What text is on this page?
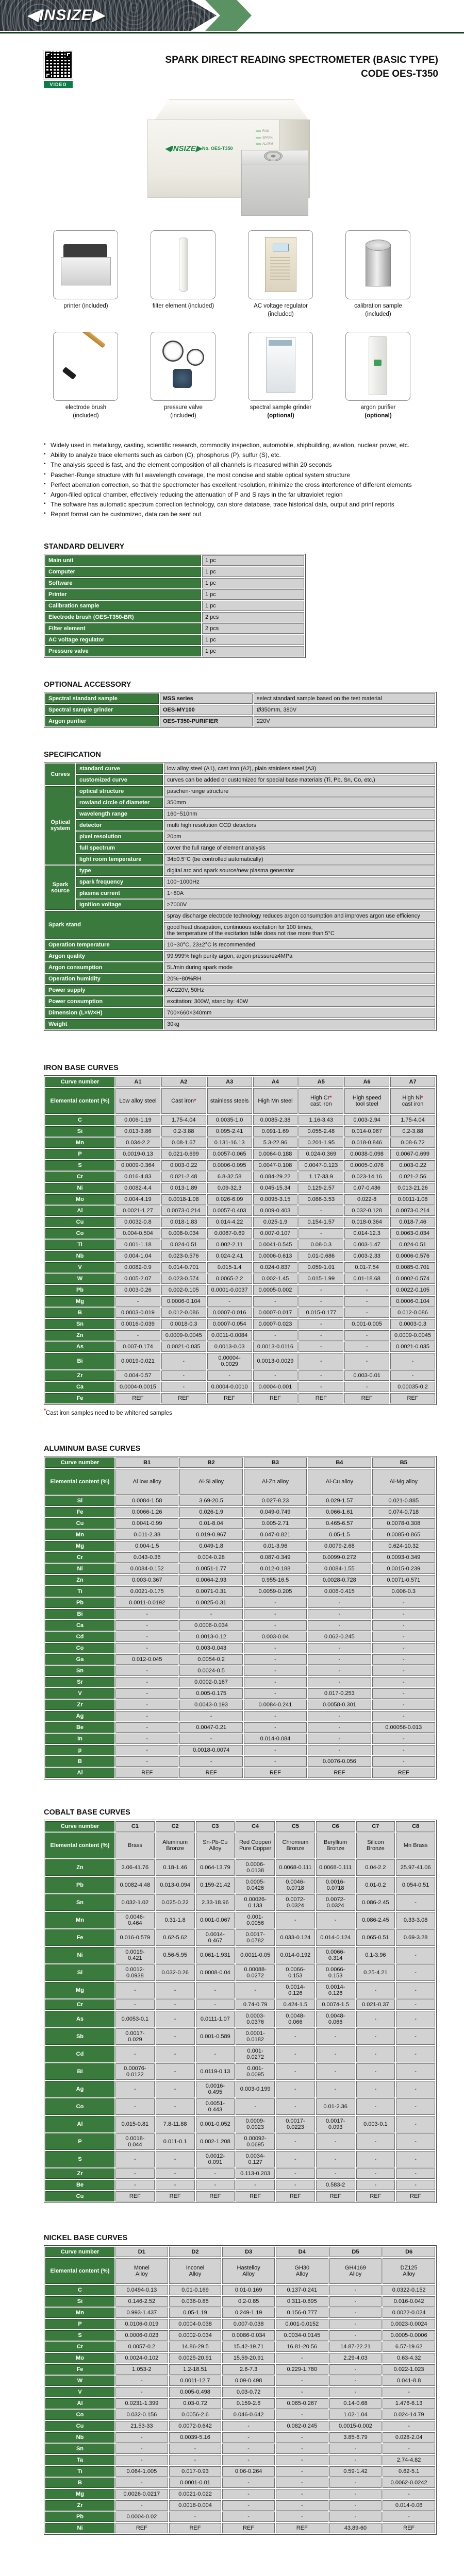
◀INSIZE▶
VIDEO
SPARK DIRECT READING SPECTROMETER (BASIC TYPE)
CODE OES-T350
RUN
SPARK
ALARM
◀INSIZE▶ No. OES-T350
printer (included)	filter element (included)	AC voltage regulator
(included)
calibration sample
(included)
electrode brush (included)
pressure valve (included)
spectral sample grinder
(optional)
argon purifier
(optional)
▪ Widely used in metallurgy, casting, scientific research, commodity inspection, automobile, shipbuilding, aviation, nuclear power, etc.
▪ Ability to analyze trace elements such as carbon (C), phosphorus (P), sulfur (S), etc.
▪ The analysis speed is fast, and the element composition of all channels is measured within 20 seconds
▪ Paschen-Runge structure with full wavelength coverage, the most concise and stable optical system structure
▪ Perfect aberration correction, so that the spectrometer has excellent resolution, minimize the cross interference of different elements
▪ Argon-filled optical chamber, effectively reducing the attenuation of P and S rays in the far ultraviolet region
▪ The software has automatic spectrum correction technology, can store database, trace historical data, output and print reports
▪ Report format can be customized, data can be sent out
STANDARD DELIVERY
Main unit	1 pc
Computer	1 pc
Software	1 pc
Printer	1 pc
Calibration sample	1 pc
Electrode brush (OES-T350-BR)	2 pcs
Filter element	2 pcs
AC voltage regulator	1 pc
Pressure valve	1 pc
OPTIONAL ACCESSORY
Spectral standard sample	MSS series	select standard sample based on the test material
Spectral sample grinder	OES-MY100	Ø350mm, 380V
Argon purifier	OES-T350-PURIFIER	220V
SPECIFICATION
Curves	standard curve	low alloy steel (A1), cast iron (A2), plain stainless steel (A3)
	customized curve	curves can be added or customized for special base materials (Ti, Pb, Sn, Co, etc.)
Optical system	optical structure	paschen-runge structure
	rowland circle of diameter	350mm
	wavelength range	160~510nm
	detector	multi high resolution CCD detectors
	pixel resolution	20pm
	full spectrum	cover the full range of element analysis
	light room temperature	34±0.5°C (be controlled automatically)
Spark source	type	digital arc and spark source/new plasma generator
	spark frequency	100~1000Hz
	plasma current	1~80A
	Ignition voltage	>7000V
Spark stand		spray discharge electrode technology reduces argon consumption and improves argon use efficiency
		good heat dissipation, continuous excitation for 100 times,
the temperature of the excitation table does not rise more than 5°C
Operation temperature		10~30°C, 23±2°C is recommended
Argon quality		99.999% high purity argon, argon pressure≥4MPa
Argon consumption		5L/min during spark mode
Operation humidity		20%~80%RH
Power supply		AC220V, 50Hz
Power consumption		excitation: 300W, stand by: 40W
Dimension (L×W×H)		700×660×340mm
Weight		30kg
IRON BASE CURVES
Curve number	A1	A2	A3	A4	A5	A6	A7
Elemental content (%)	Low alloy steel	Cast iron*	stainless steels	High Mn steel	High Cr*
cast iron	High speed
tool steel	High Ni*
cast iron
C	0.006-1.19	1.75-4.04	0.0035-1.0	0.0085-2.38	1.16-3.43	0.003-2.94	1.75-4.04
Si	0.013-3.86	0.2-3.88	0.095-2.41	0.091-1.69	0.055-2.48	0.014-0.967	0.2-3.88
Mn	0.034-2.2	0.08-1.67	0.131-16.13	5.3-22.96	0.201-1.95	0.018-0.846	0.08-6.72
P	0.0019-0.13	0.021-0.699	0.0057-0.065	0.0064-0.188	0.024-0.369	0.0038-0.098	0.0067-0.699
S	0.0009-0.364	0.003-0.22	0.0006-0.095	0.0047-0.108	0.0047-0.123	0.0005-0.076	0.003-0.22
Cr	0.016-4.83	0.021-2.48	6.8-32.58	0.084-29.22	1.17-33.9	0.023-14.16	0.021-2.56
Ni	0.0082-4.4	0.013-1.89	0.09-32.3	0.045-15.34	0.129-2.57	0.07-0.436	0.013-21.26
Mo	0.004-4.19	0.0018-1.08	0.026-6.09	0.0095-3.15	0.086-3.53	0.022-8	0.0011-1.08
Al	0.0021-1.27	0.0073-0.214	0.0057-0.403	0.009-0.403	-	0.032-0.128	0.0073-0.214
Cu	0.0032-0.8	0.018-1.83	0.014-4.22	0.025-1.9	0.154-1.57	0.018-0.364	0.018-7.46
Co	0.004-0.504	0.008-0.034	0.0067-0.69	0.007-0.107	-	0.014-12.3	0.0063-0.034
Ti	0.001-1.18	0.024-0.51	0.002-2.11	0.0041-0.545	0.08-0.3	0.003-1.47	0.024-0.51
Nb	0.004-1.04	0.023-0.576	0.024-2.41	0.0006-0.613	0.01-0.686	0.003-2.33	0.0006-0.576
V	0.0082-0.9	0.014-0.701	0.015-1.4	0.024-0.837	0.059-1.01	0.01-7.54	0.0085-0.701
W	0.005-2.07	0.023-0.574	0.0065-2.2	0.002-1.45	0.015-1.99	0.01-18.68	0.0002-0.574
Pb	0.003-0.26	0.002-0.105	0.0001-0.0037	0.0005-0.002	-	-	0.0022-0.105
Mg	-	0.0006-0.104	-	-	-	-	0.0006-0.104
B	0.0003-0.019	0.012-0.086	0.0007-0.016	0.0007-0.017	0.015-0.177	-	0.012-0.086
Sn	0.0016-0.039	0.0018-0.3	0.0007-0.054	0.0007-0.023	-	0.001-0.005	0.0003-0.3
Zn	-	0.0009-0.0045	0.0011-0.0084	-	-	-	0.0009-0.0045
As	0.007-0.174	0.0021-0.035	0.0013-0.03	0.0013-0.0116	-	-	0.0021-0.035
Bi	0.0019-0.021	-	0.00004-0.0029	0.0013-0.0029	-	-	-
Zr	0.004-0.57	-	-	-	-	0.003-0.01	-
Ca	0.0004-0.0015	-	0.0004-0.0010	0.0004-0.001	-	-	0.00035-0.2
Fe	REF	REF	REF	REF	REF	REF	REF
*Cast iron samples need to be whitened samples
ALUMINUM BASE CURVES
Curve number	B1	B2	B3	B4	B5
Elemental content (%)	Al low alloy	Al-Si alloy	Al-Zn alloy	Al-Cu alloy	Al-Mg alloy
Si	0.0084-1.58	3.69-20.5	0.027-8.23	0.029-1.57	0.021-0.885
Fe	0.0066-1.26	0.026-1.9	0.049-0.749	0.066-1.61	0.074-0.718
Cu	0.0041-0.99	0.01-8.04	0.005-2.71	0.465-6.57	0.0078-0.308
Mn	0.011-2.38	0.019-0.967	0.047-0.821	0.05-1.5	0.0085-0.865
Mg	0.004-1.5	0.049-1.8	0.01-3.96	0.0079-2.68	0.624-10.32
Cr	0.043-0.36	0.004-0.28	0.087-0.349	0.0099-0.272	0.0093-0.349
Ni	0.0084-0.152	0.0051-1.77	0.012-0.188	0.0084-1.55	0.0015-0.239
Zn	0.003-0.367	0.0064-2.93	0.955-16.5	0.0028-0.728	0.0071-0.571
Ti	0.0021-0.175	0.0071-0.31	0.0059-0.205	0.006-0.415	0.006-0.3
Pb	0.0011-0.0192	0.0025-0.31	-	-	-
Bi	-	-	-	-	-
Ca	-	0.0006-0.034	-	-	-
Cd	-	0.0013-0.12	0.003-0.04	0.062-0.245	-
Co	-	0.003-0.043	-	-	-
Ga	0.012-0.045	0.0054-0.2	-	-	-
Sn	-	0.0024-0.5	-	-	-
Sr	-	0.0002-0.167	-	-	-
V	-	0.005-0.175	-	0.017-0.253	-
Zr	-	0.0043-0.193	0.0084-0.241	0.0058-0.301	-
Ag	-	-	-	-	-
Be	-	0.0047-0.21	-	-	0.00056-0.013
In	-	-	0.014-0.084	-	-
p	-	0.0018-0.0074	-	-	-
B	-	-	-	0.0076-0.056	-
Al	REF	REF	REF	REF	REF
COBALT BASE CURVES
Curve number	C1	C2	C3	C4	C5	C6	C7	C8
Elemental content (%)	Brass	Aluminum
Bronze	Sn-Pb-Cu
Alloy	Red Copper/
Pure Copper	Chromium
Bronze	Beryllium
Bronze	Silicon
Bronze	Mn Brass
Zn	3.06-41.76	0.18-1.46	0.064-13.79	0.0006-0.0138	0.0068-0.111	0.0068-0.111	0.04-2.2	25.97-41.06
Pb	0.0082-4.48	0.013-0.094	0.159-21.42	0.0005-0.0426	0.0046-0.0718	0.0016-0.0718	0.01-0.2	0.054-0.51
Sn	0.032-1.02	0.025-0.22	2.33-18.96	0.00026-0.133	0.0072-0.0324	0.0072-0.0324	0.086-2.45	-
Mn	0.0046-0.464	0.31-1.8	0.001-0.067	0.001-0.0056	-	-	0.086-2.45	0.33-3.08
Fe	0.016-0.579	0.62-5.62	0.0014-0.467	0.0017-0.0782	0.033-0.124	0.014-0.124	0.065-0.51	0.69-3.28
Ni	0.0019-0.421	0.56-5.95	0.061-1.931	0.0011-0.05	0.014-0.192	0.0066-0.314	0.1-3.96	-
Si	0.0012-0.0938	0.032-0.26	0.0008-0.04	0.00088-0.0272	0.0066-0.153	0.0066-0.153	0.25-4.21	-
Mg	-	-	-	-	0.0014-0.126	0.0014-0.126	-	-
Cr	-	-	-	0.74-0.79	0.424-1.5	0.0074-1.5	0.021-0.37	-
As	0.0053-0.1	-	0.0111-1.07	0.0003-0.0376	0.0048-0.066	0.0048-0.066	-	-
Sb	0.0017-0.029	-	0.001-0.589	0.0001-0.0182	-	-	-	-
Cd	-	-	-	0.001-0.0272	-	-	-	-
Bi	0.00076-0.0122	-	0.0119-0.13	0.001-0.0095	-	-	-	-
Ag	-	-	0.0016-0.495	0.003-0.199	-	-	-	-
Co	-	-	0.0051-0.443	-	-	0.01-2.36	-	-
Al	0.015-0.81	7.8-11.88	0.001-0.052	0.0009-0.0023	0.0017-0.0223	0.0017-0.093	0.003-0.1	-
P	0.0018-0.044	0.011-0.1	0.002-1.208	0.00092-0.0695	-	-	-	-
S	-	-	0.0012-0.091	0.0034-0.127	-	-	-	-
Zr	-	-	-	0.113-0.203	-	-	-	-
Be	-	-	-	-	-	0.583-2	-	-
Cu	REF	REF	REF	REF	REF	REF	REF	REF
NICKEL BASE CURVES
Curve number	D1	D2	D3	D4	D5	D6
Elemental content (%)	Monel
Alloy	Inconel
Alloy	Hastelloy
Alloy	GH30
Alloy	GH4169
Alloy	DZ125
Alloy
C	0.0494-0.13	0.01-0.169	0.01-0.169	0.137-0.241	-	0.0322-0.152
Si	0.146-2.52	0.036-0.85	0.2-0.85	0.311-0.895	-	0.016-0.042
Mn	0.993-1.437	0.05-1.19	0.249-1.19	0.156-0.777	-	0.0022-0.024
P	0.0106-0.019	0.0004-0.038	0.007-0.038	0.001-0.0152	-	0.0023-0.0024
S	0.0006-0.023	0.0002-0.034	0.0086-0.034	0.0034-0.0145	-	0.0005-0.0006
Cr	0.0057-0.2	14.86-29.5	15.42-19.71	16.81-20.56	14.87-22.21	6.57-19.62
Mo	0.0024-0.102	0.0025-20.91	15.59-20.91	-	2.29-4.03	0.63-4.32
Fe	1.053-2	1.2-18.51	2.6-7.3	0.229-1.780	-	0.022-1.023
W	-	0.0011-12.7	0.09-0.498	-	-	0.041-8.8
V	-	0.005-0.498	0.03-0.72	-	-	-
Al	0.0231-1.399	0.03-0.72	0.159-2.6	0.065-0.267	0.14-0.68	1.476-6.13
Co	0.032-0.156	0.0056-2.6	0.046-0.642	-	1.02-1.04	0.024-14.79
Cu	21.53-33	0.0072-0.642	-	0.082-0.245	0.0015-0.002	-
Nb	-	0.0039-5.16	-	-	3.85-6.79	0.028-2.04
Sn	-	-	-	-	-	-
Ta	-	-	-	-	-	2.74-4.82
Ti	0.064-1.005	0.017-0.93	0.06-0.264	-	0.59-1.42	0.62-5.1
B	-	0.0001-0.01	-	-	-	0.0062-0.0242
Mg	0.0026-0.0217	0.0021-0.022	-	-	-	-
Zr	-	0.0018-0.004	-	-	-	0.014-0.06
Pb	0.0004-0.02	-	-	-	-	-
Ni	REF	REF	REF	REF	43.89-60	REF
